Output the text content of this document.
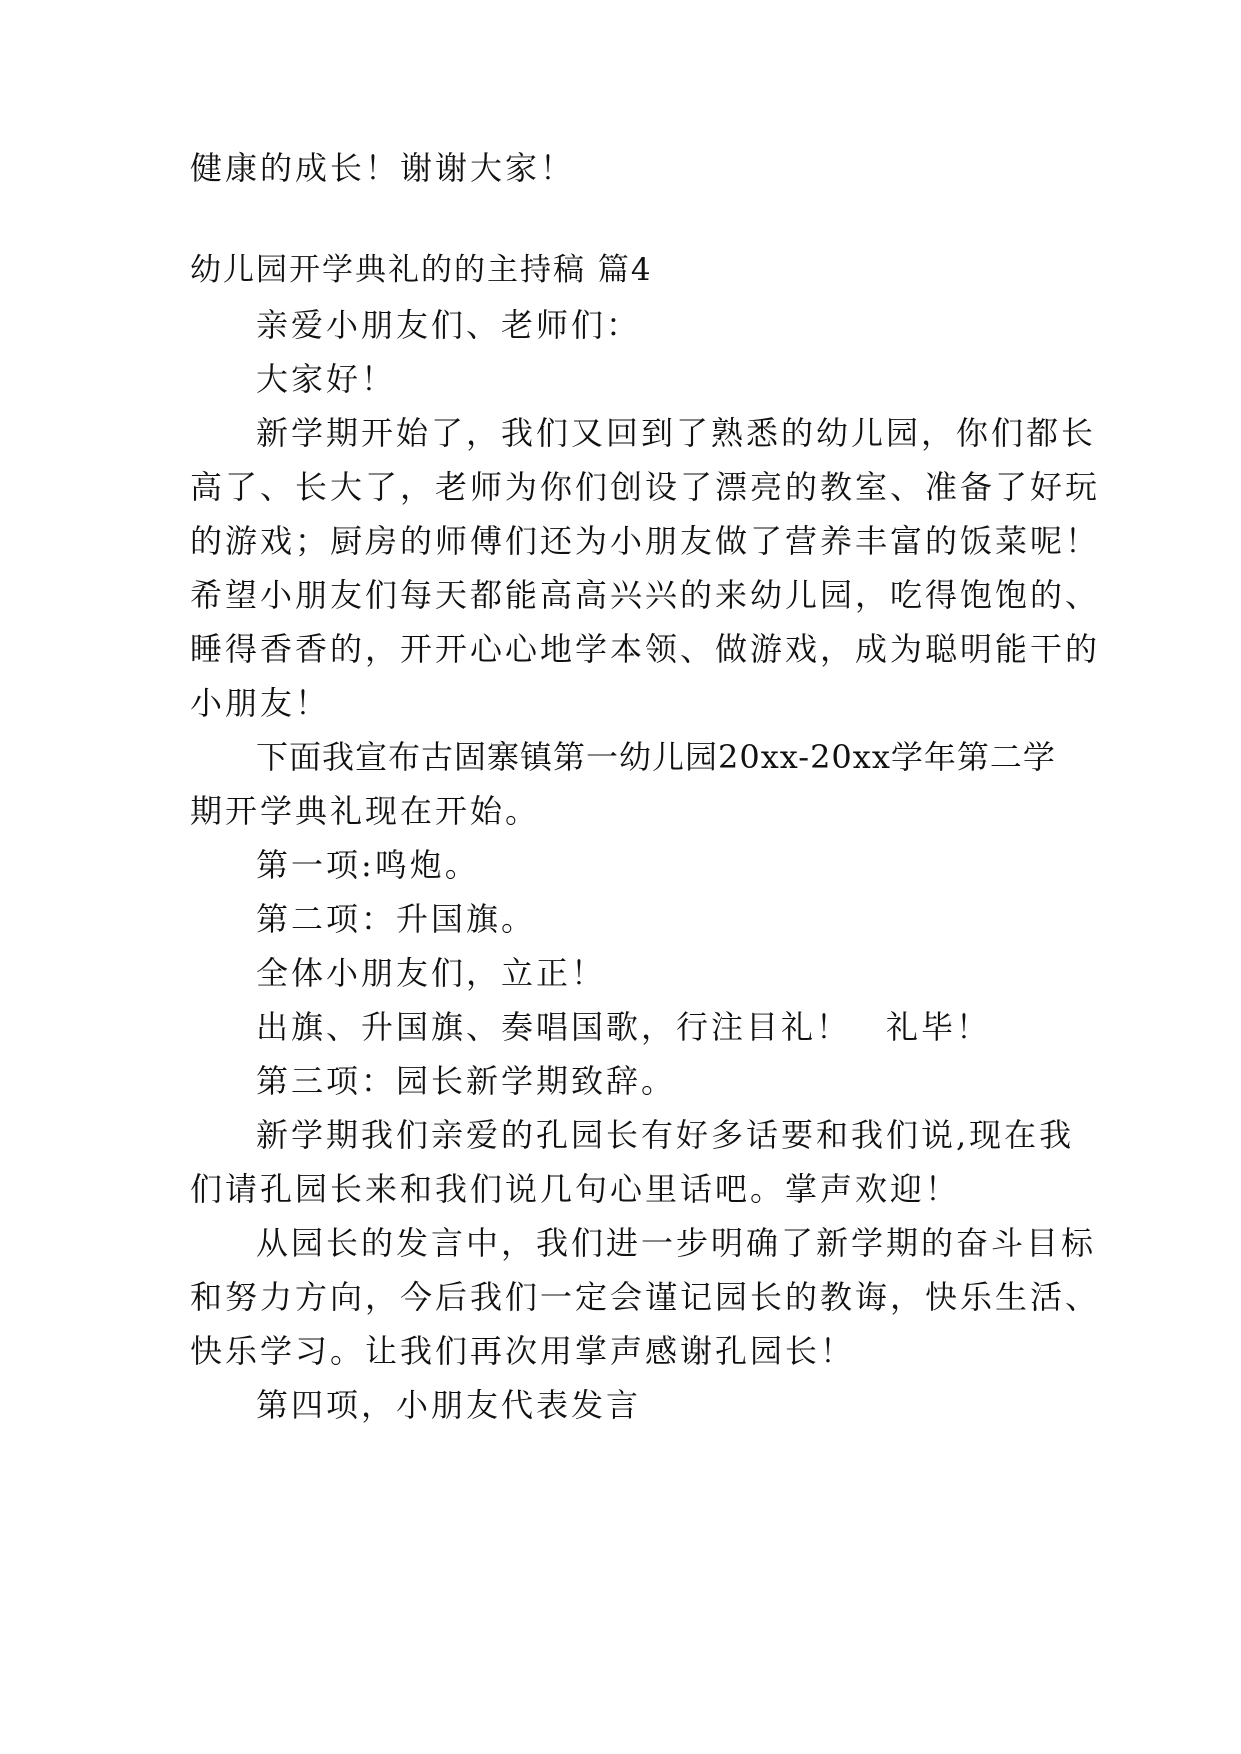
健康的成长！谢谢大家！
幼儿园开学典礼的的主持稿 篇4
亲爱小朋友们、老师们：
大家好！
新学期开始了，我们又回到了熟悉的幼儿园，你们都长
高了、长大了，老师为你们创设了漂亮的教室、准备了好玩
的游戏；厨房的师傅们还为小朋友做了营养丰富的饭菜呢！
希望小朋友们每天都能高高兴兴的来幼儿园，吃得饱饱的、
睡得香香的，开开心心地学本领、做游戏，成为聪明能干的
小朋友！
下面我宣布古固寨镇第一幼儿园20xx-20xx学年第二学
期开学典礼现在开始。
第一项:鸣炮。
第二项：升国旗。
全体小朋友们，立正！
出旗、升国旗、奏唱国歌，行注目礼！　礼毕！
第三项：园长新学期致辞。
新学期我们亲爱的孔园长有好多话要和我们说,现在我
们请孔园长来和我们说几句心里话吧。掌声欢迎！
从园长的发言中，我们进一步明确了新学期的奋斗目标
和努力方向，今后我们一定会谨记园长的教诲，快乐生活、
快乐学习。让我们再次用掌声感谢孔园长！
第四项，小朋友代表发言
